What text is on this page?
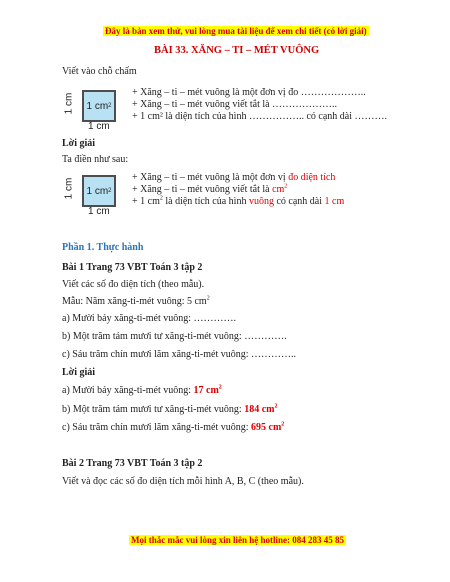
Đây là bản xem thử, vui lòng mua tài liệu để xem chi tiết (có lời giải)
BÀI 33. XĂNG – TI – MÉT VUÔNG
Viết vào chỗ chấm
1 cm 2
1 cm
1 cm
+ Xăng – ti – mét vuông là một đơn vị đo ………………..
+ Xăng – ti – mét vuông viết tắt là ………………..
+ 1 cm² là diện tích của hình …………….. có cạnh dài ……….
Lời giải
Ta điền như sau:
1 cm 2
1 cm
1 cm
+ Xăng – ti – mét vuông là một đơn vị đo diện tích
+ Xăng – ti – mét vuông viết tắt là $cm^2$
+ 1 $cm^2$ là diện tích của hình vuông có cạnh dài 1 cm
Phần 1. Thực hành
Bài 1 Trang 73 VBT Toán 3 tập 2
Viết các số đo diện tích (theo mẫu).
Mẫu: Năm xăng-ti-mét vuông: 5 $cm^2$
a) Mười bảy xăng-ti-mét vuông: ………….
b) Một trăm tám mươi tư xăng-ti-mét vuông: ………….
c) Sáu trăm chín mươi lăm xăng-ti-mét vuông: …………..
Lời giải
a) Mười bảy xăng-ti-mét vuông: 17 $cm^2$
b) Một trăm tám mươi tư xăng-ti-mét vuông: 184 $cm^2$
c) Sáu trăm chín mươi lăm xăng-ti-mét vuông: 695 $cm^2$
Bài 2 Trang 73 VBT Toán 3 tập 2
Viết và đọc các số đo diện tích mỗi hình A, B, C (theo mẫu).
Mọi thắc mắc vui lòng xin liên hệ hotline: 084 283 45 85
